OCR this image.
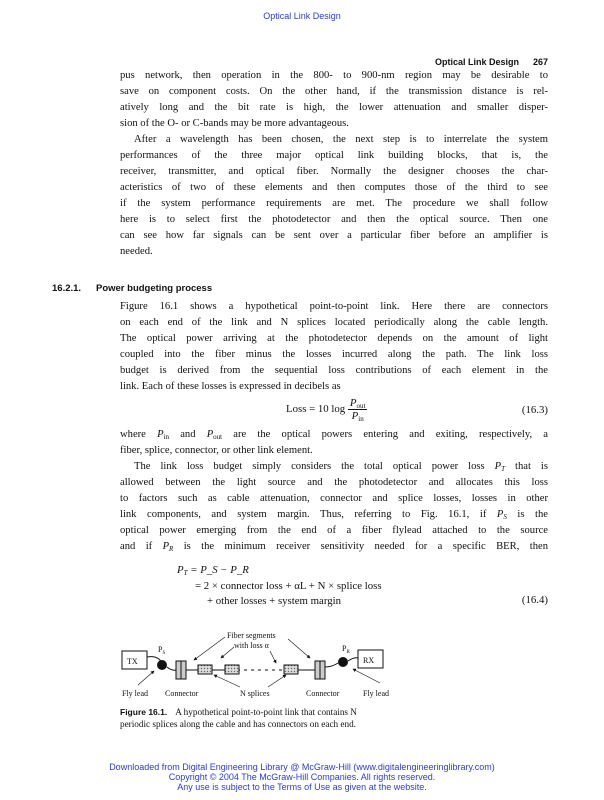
Optical Link Design
Optical Link Design 267
pus network, then operation in the 800- to 900-nm region may be desirable to
save on component costs. On the other hand, if the transmission distance is rel-
atively long and the bit rate is high, the lower attenuation and smaller disper-
sion of the O- or C-bands may be more advantageous.
After a wavelength has been chosen, the next step is to interrelate the system
performances of the three major optical link building blocks, that is, the
receiver, transmitter, and optical fiber. Normally the designer chooses the char-
acteristics of two of these elements and then computes those of the third to see
if the system performance requirements are met. The procedure we shall follow
here is to select first the photodetector and then the optical source. Then one
can see how far signals can be sent over a particular fiber before an amplifier is
needed.
16.2.1. Power budgeting process
Figure 16.1 shows a hypothetical point-to-point link. Here there are connectors
on each end of the link and N splices located periodically along the cable length.
The optical power arriving at the photodetector depends on the amount of light
coupled into the fiber minus the losses incurred along the path. The link loss
budget is derived from the sequential loss contributions of each element in the
link. Each of these losses is expressed in decibels as
Loss = 10 $\log \frac{P_{out}}{P_{in}}$	(16.3)
where $P_{in}$ and $P_{out}$ are the optical powers entering and exiting, respectively, a
fiber, splice, connector, or other link element.
The link loss budget simply considers the total optical power loss $P_T$ that is
allowed between the light source and the photodetector and allocates this loss
to factors such as cable attenuation, connector and splice losses, losses in other
link components, and system margin. Thus, referring to Fig. 16.1, if $P_S$ is the
optical power emerging from the end of a fiber flylead attached to the source
and if $P_R$ is the minimum receiver sensitivity needed for a specific BER, then
$P_T$ = P_S − P_R
= 2 × connector loss + αL + N × splice loss
+ other losses + system margin	(16.4)
TX
$P_S$
$P_R$
RX
Fiber segments
with loss α
Fly lead Connector	N splices	Connector	Fly lead
Figure 16.1. A hypothetical point-to-point link that contains N
periodic splices along the cable and has connectors on each end.
Downloaded from Digital Engineering Library @ McGraw-Hill (www.digitalengineeringlibrary.com)
Copyright © 2004 The McGraw-Hill Companies. All rights reserved.
Any use is subject to the Terms of Use as given at the website.
